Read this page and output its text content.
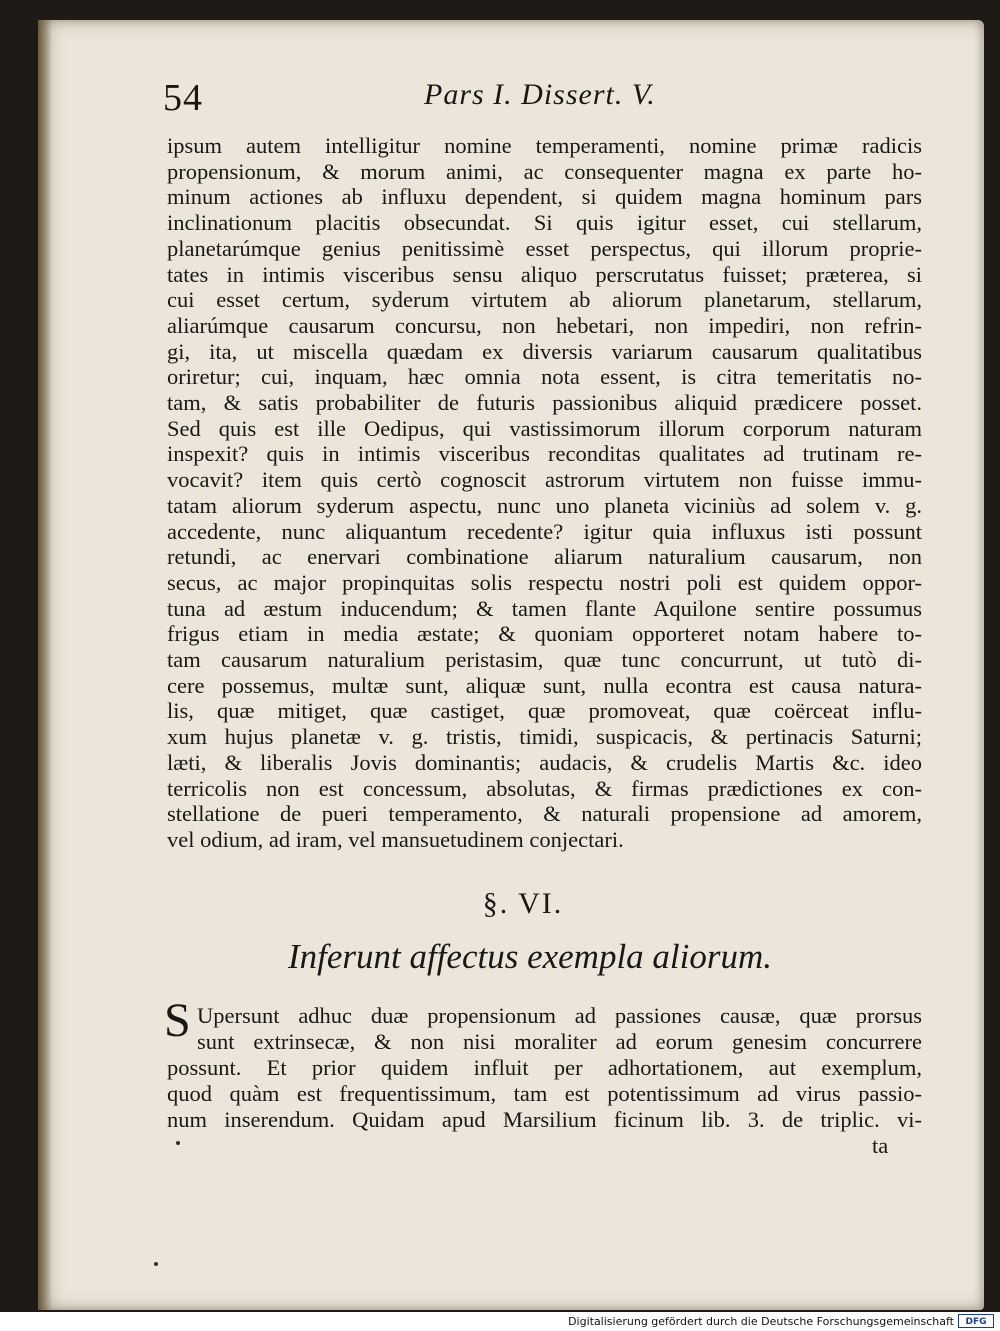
54	Pars I. Dissert. V.
ipsum autem intelligitur nomine temperamenti, nomine primæ radicis
propensionum, & morum animi, ac consequenter magna ex parte ho-
minum actiones ab influxu dependent, si quidem magna hominum pars
inclinationum placitis obsecundat. Si quis igitur esset, cui stellarum,
planetarúmque genius penitissimè esset perspectus, qui illorum proprie-
tates in intimis visceribus sensu aliquo perscrutatus fuisset; præterea, si
cui esset certum, syderum virtutem ab aliorum planetarum, stellarum,
aliarúmque causarum concursu, non hebetari, non impediri, non refrin-
gi, ita, ut miscella quædam ex diversis variarum causarum qualitatibus
oriretur; cui, inquam, hæc omnia nota essent, is citra temeritatis no-
tam, & satis probabiliter de futuris passionibus aliquid prædicere posset.
Sed quis est ille Oedipus, qui vastissimorum illorum corporum naturam
inspexit? quis in intimis visceribus reconditas qualitates ad trutinam re-
vocavit? item quis certò cognoscit astrorum virtutem non fuisse immu-
tatam aliorum syderum aspectu, nunc uno planeta viciniùs ad solem v. g.
accedente, nunc aliquantum recedente? igitur quia influxus isti possunt
retundi, ac enervari combinatione aliarum naturalium causarum, non
secus, ac major propinquitas solis respectu nostri poli est quidem oppor-
tuna ad æstum inducendum; & tamen flante Aquilone sentire possumus
frigus etiam in media æstate; & quoniam opporteret notam habere to-
tam causarum naturalium peristasim, quæ tunc concurrunt, ut tutò di-
cere possemus, multæ sunt, aliquæ sunt, nulla econtra est causa natura-
lis, quæ mitiget, quæ castiget, quæ promoveat, quæ coërceat influ-
xum hujus planetæ v. g. tristis, timidi, suspicacis, & pertinacis Saturni;
læti, & liberalis Jovis dominantis; audacis, & crudelis Martis &c. ideo
terricolis non est concessum, absolutas, & firmas prædictiones ex con-
stellatione de pueri temperamento, & naturali propensione ad amorem,
vel odium, ad iram, vel mansuetudinem conjectari.
§. VI.
Inferunt affectus exempla aliorum.
S Upersunt adhuc duæ propensionum ad passiones causæ, quæ prorsus
sunt extrinsecæ, & non nisi moraliter ad eorum genesim concurrere
possunt. Et prior quidem influit per adhortationem, aut exemplum,
quod quàm est frequentissimum, tam est potentissimum ad virus passio-
num inserendum. Quidam apud Marsilium ficinum lib. 3. de triplic. vi-
ta
Digitalisierung gefördert durch die Deutsche Forschungsgemeinschaft	DFG
